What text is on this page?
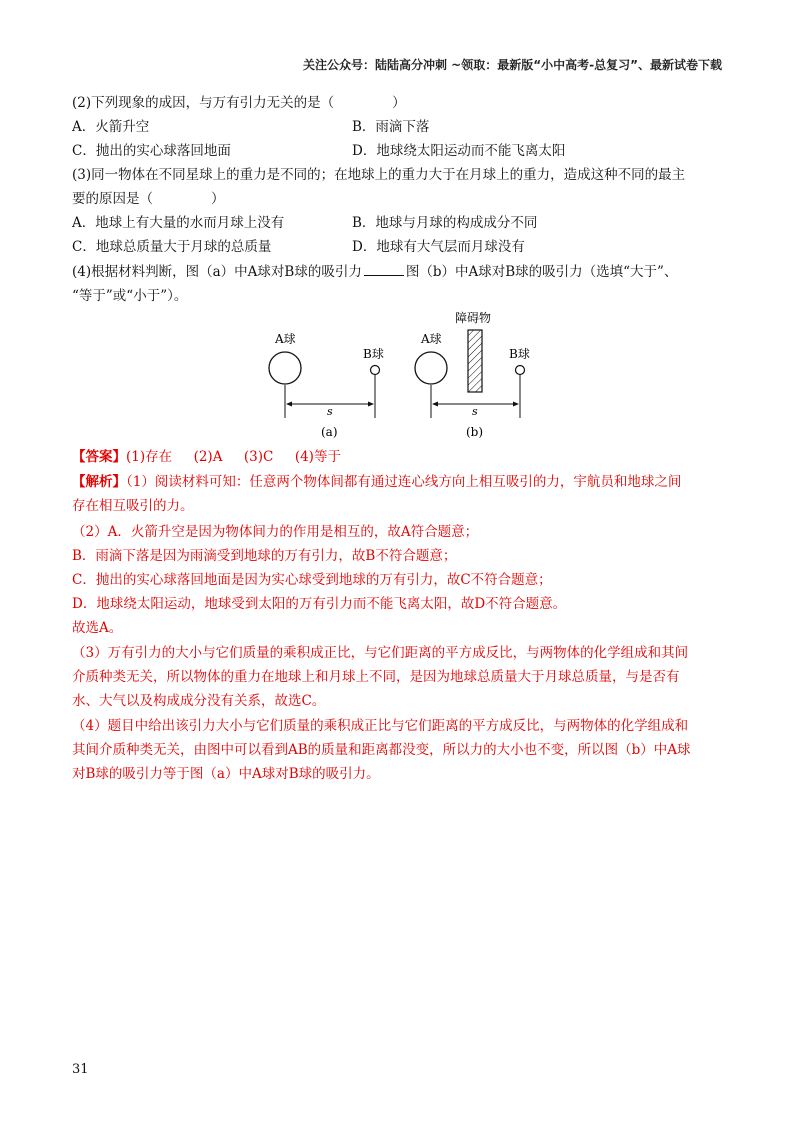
关注公众号：陆陆高分冲刺 ~领取：最新版“小中高考-总复习”、最新试卷下载
(2)下列现象的成因，与万有引力无关的是（	）
A．火箭升空	B．雨滴下落
C．抛出的实心球落回地面	D．地球绕太阳运动而不能飞离太阳
(3)同一物体在不同星球上的重力是不同的；在地球上的重力大于在月球上的重力，造成这种不同的最主
要的原因是（	）
A．地球上有大量的水而月球上没有	B．地球与月球的构成成分不同
C．地球总质量大于月球的总质量	D．地球有大气层而月球没有
(4)根据材料判断，图（a）中A球对B球的吸引力	图（b）中A球对B球的吸引力（选填“大于”、
“等于”或“小于”）。
A球
B球
s
(a)
A球
障碍物
B球
s
(b)
【答案】(1)存在     (2)A     (3)C     (4)等于
【解析】（1）阅读材料可知：任意两个物体间都有通过连心线方向上相互吸引的力，宇航员和地球之间
存在相互吸引的力。
（2）A．火箭升空是因为物体间力的作用是相互的，故A符合题意；
B．雨滴下落是因为雨滴受到地球的万有引力，故B不符合题意；
C．抛出的实心球落回地面是因为实心球受到地球的万有引力，故C不符合题意；
D．地球绕太阳运动，地球受到太阳的万有引力而不能飞离太阳，故D不符合题意。
故选A。
（3）万有引力的大小与它们质量的乘积成正比，与它们距离的平方成反比，与两物体的化学组成和其间
介质种类无关，所以物体的重力在地球上和月球上不同，是因为地球总质量大于月球总质量，与是否有
水、大气以及构成成分没有关系，故选C。
（4）题目中给出该引力大小与它们质量的乘积成正比与它们距离的平方成反比，与两物体的化学组成和
其间介质种类无关，由图中可以看到AB的质量和距离都没变，所以力的大小也不变，所以图（b）中A球
对B球的吸引力等于图（a）中A球对B球的吸引力。
31
